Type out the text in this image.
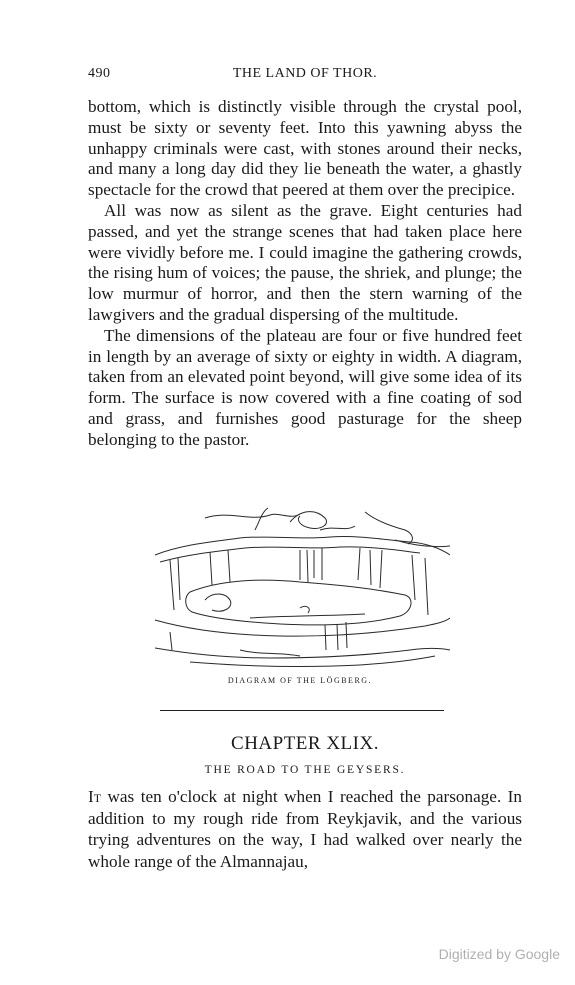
490	THE LAND OF THOR.

bottom, which is distinctly visible through the crystal pool, must be sixty or seventy feet. Into this yawning abyss the unhappy criminals were cast, with stones around their necks, and many a long day did they lie beneath the water, a ghastly spectacle for the crowd that peered at them over the precipice.

All was now as silent as the grave. Eight centuries had passed, and yet the strange scenes that had taken place here were vividly before me. I could imagine the gathering crowds, the rising hum of voices; the pause, the shriek, and plunge; the low murmur of horror, and then the stern warning of the lawgivers and the gradual dispersing of the multitude.

The dimensions of the plateau are four or five hundred feet in length by an average of sixty or eighty in width. A diagram, taken from an elevated point beyond, will give some idea of its form. The surface is now covered with a fine coating of sod and grass, and furnishes good pasturage for the sheep belonging to the pastor.

DIAGRAM OF THE LÖGBERG.
CHAPTER XLIX.
THE ROAD TO THE GEYSERS.

It was ten o'clock at night when I reached the parsonage. In addition to my rough ride from Reykjavik, and the various trying adventures on the way, I had walked over nearly the whole range of the Almannajau,

Digitized by Google
